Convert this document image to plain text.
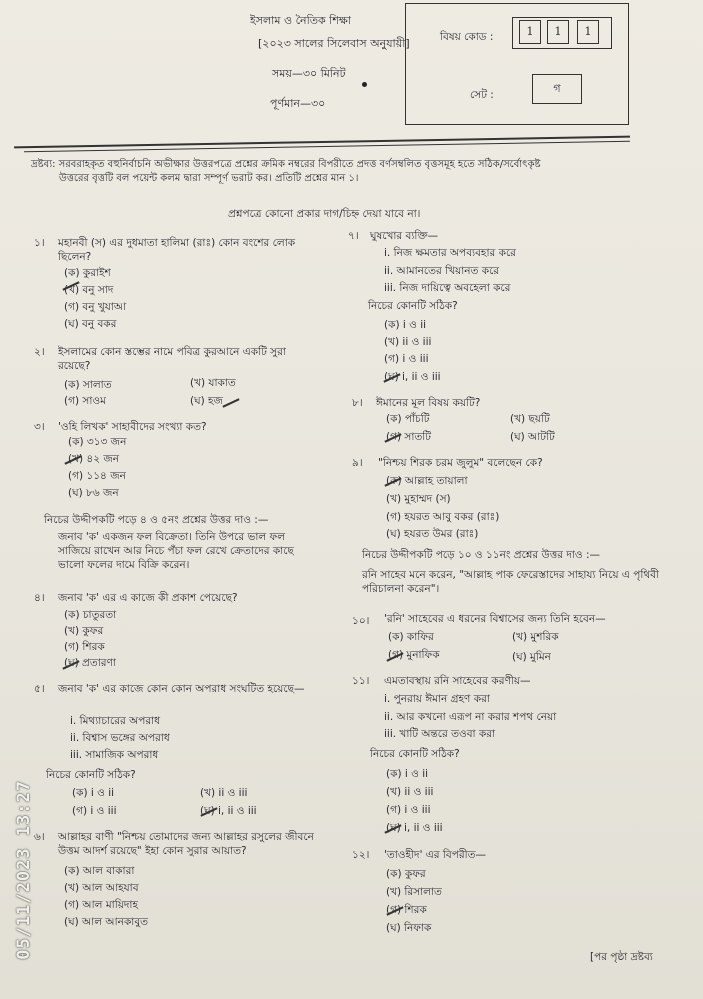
ইসলাম ও নৈতিক শিক্ষা
[২০২৩ সালের সিলেবাস অনুযায়ী]
সময়—৩০ মিনিট
পূর্ণমান—৩০
বিষয় কোড :	1	1	1
সেট :	গ
দ্রষ্টব্য: সরবরাহকৃত বহুনির্বাচনি অভীক্ষার উত্তরপত্রে প্রশ্নের ক্রমিক নম্বরের বিপরীতে প্রদত্ত বর্ণসম্বলিত বৃত্তসমূহ হতে সঠিক/সর্বোৎকৃষ্ট
উত্তরের বৃত্তটি বল পয়েন্ট কলম দ্বারা সম্পূর্ণ ভরাট কর। প্রতিটি প্রশ্নের মান ১।
প্রশ্নপত্রে কোনো প্রকার দাগ/চিহ্ন দেয়া যাবে না।
১। মহানবী (স) এর দুধমাতা হালিমা (রাঃ) কোন বংশের লোক ছিলেন?
(ক) কুরাইশ
(খ) বনু সাদ
(গ) বনু খুযাআ
(ঘ) বনু বকর
২। ইসলামের কোন স্তম্ভের নামে পবিত্র কুরআনে একটি সুরা রয়েছে?
(ক) সালাত	(খ) যাকাত
(গ) সাওম	(ঘ) হজ
৩। 'ওহি লিখক' সাহাবীদের সংখ্যা কত?
(ক) ৩১৩ জন
(খ) ৪২ জন
(গ) ১১৪ জন
(ঘ) ৮৬ জন
নিচের উদ্দীপকটি পড়ে ৪ ও ৫নং প্রশ্নের উত্তর দাও :—
জনাব 'ক' একজন ফল বিক্রেতা। তিনি উপরে ভাল ফল সাজিয়ে রাখেন আর নিচে পঁচা ফল রেখে ক্রেতাদের কাছে ভালো ফলের দামে বিক্রি করেন।
৪। জনাব 'ক' এর এ কাজে কী প্রকাশ পেয়েছে?
(ক) চাতুরতা
(খ) কুফর
(গ) শিরক
(ঘ) প্রতারণা
৫। জনাব 'ক' এর কাজে কোন কোন অপরাধ সংঘটিত হয়েছে—
i. মিথ্যাচারের অপরাধ
ii. বিশ্বাস ভঙ্গের অপরাধ
iii. সামাজিক অপরাধ
নিচের কোনটি সঠিক?
(ক) i ও ii	(খ) ii ও iii
(গ) i ও iii	(ঘ) i, ii ও iii
৬। আল্লাহর বাণী "নিশ্চয় তোমাদের জন্য আল্লাহর রসুলের জীবনে উত্তম আদর্শ রয়েছে" ইহা কোন সুরার আয়াত?
(ক) আল বাকারা
(খ) আল আহযাব
(গ) আল মায়িদাহ
(ঘ) আল আনকাবুত
৭। ঘুষখোর ব্যক্তি—
i. নিজ ক্ষমতার অপব্যবহার করে
ii. আমানতের খিয়ানত করে
iii. নিজ দায়িত্বে অবহেলা করে
নিচের কোনটি সঠিক?
(ক) i ও ii
(খ) ii ও iii
(গ) i ও iii
(ঘ) i, ii ও iii
৮। ঈমানের মূল বিষয় কয়টি?
(ক) পাঁচটি	(খ) ছয়টি
(গ) সাতটি	(ঘ) আটটি
৯। "নিশ্চয় শিরক চরম জুলুম" বলেছেন কে?
(ক) আল্লাহ তায়ালা
(খ) মুহাম্মদ (স)
(গ) হযরত আবু বকর (রাঃ)
(ঘ) হযরত উমর (রাঃ)
নিচের উদ্দীপকটি পড়ে ১০ ও ১১নং প্রশ্নের উত্তর দাও :—
রনি সাহেব মনে করেন, "আল্লাহ পাক ফেরেস্তাদের সাহায্য নিয়ে এ পৃথিবী পরিচালনা করেন"।
১০। 'রনি' সাহেবের এ ধরনের বিশ্বাসের জন্য তিনি হবেন—
(ক) কাফির	(খ) মুশরিক
(গ) মুনাফিক	(ঘ) মুমিন
১১। এমতাবস্থায় রনি সাহেবের করণীয়—
i. পুনরায় ঈমান গ্রহণ করা
ii. আর কখনো এরূপ না করার শপথ নেয়া
iii. খাটি অন্তরে তওবা করা
নিচের কোনটি সঠিক?
(ক) i ও ii
(খ) ii ও iii
(গ) i ও iii
(ঘ) i, ii ও iii
১২। 'তাওহীদ' এর বিপরীত—
(ক) কুফর
(খ) রিসালাত
(গ) শিরক
(ঘ) নিফাক
[পর পৃষ্ঠা দ্রষ্টব্য
05/11/2023 13:27
